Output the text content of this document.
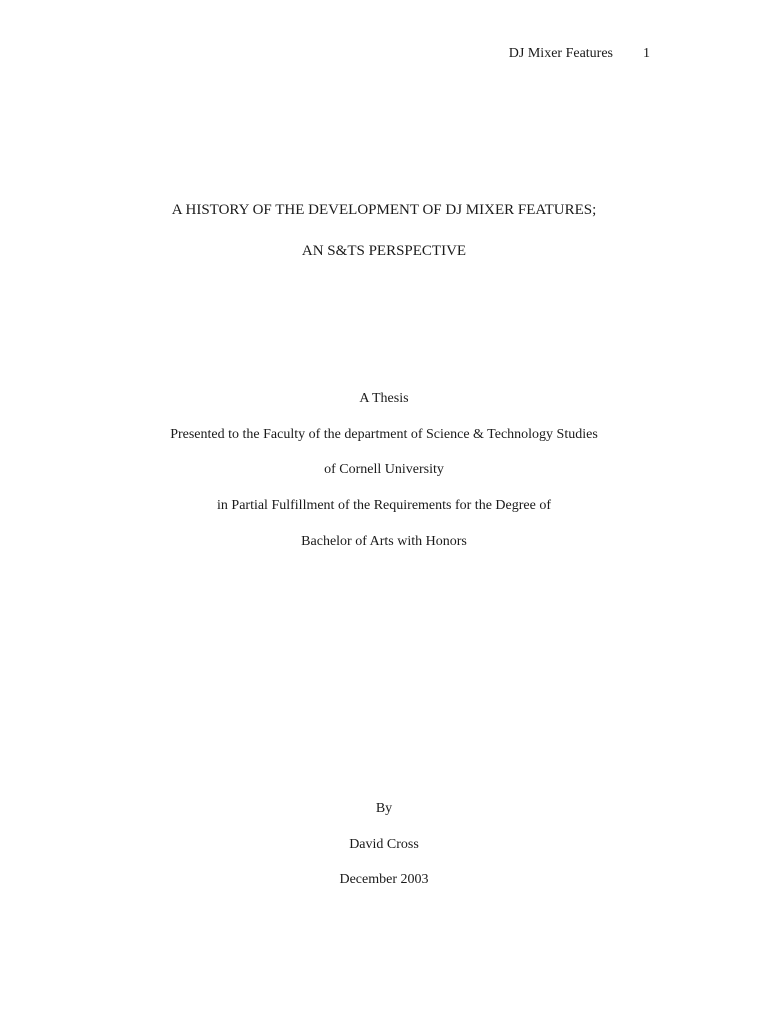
DJ Mixer Features 1
A HISTORY OF THE DEVELOPMENT OF DJ MIXER FEATURES;
AN S&TS PERSPECTIVE
A Thesis
Presented to the Faculty of the department of Science & Technology Studies
of Cornell University
in Partial Fulfillment of the Requirements for the Degree of
Bachelor of Arts with Honors
By
David Cross
December 2003
